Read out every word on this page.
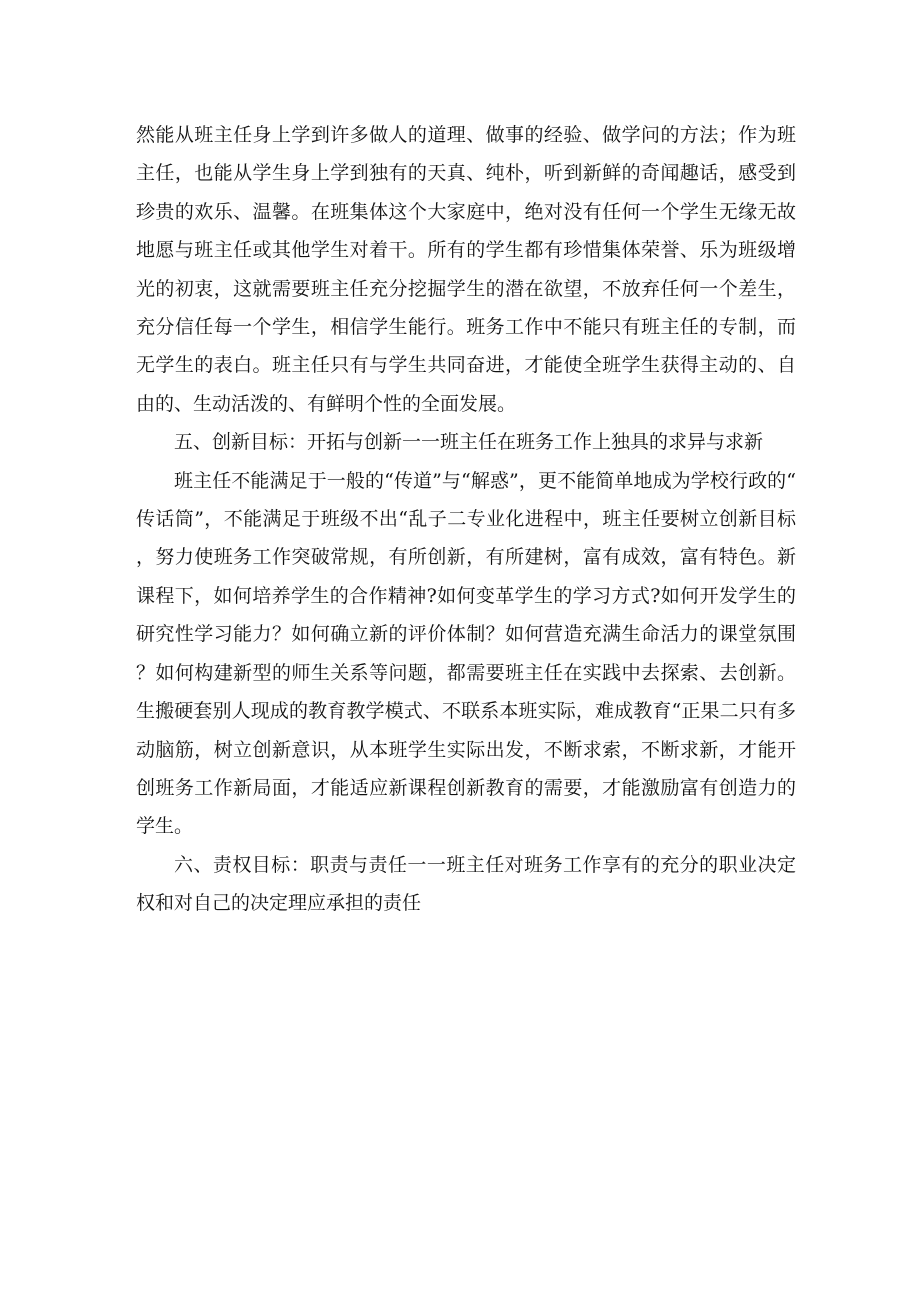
然能从班主任身上学到许多做人的道理、做事的经验、做学问的方法；作为班主任，也能从学生身上学到独有的天真、纯朴，听到新鲜的奇闻趣话，感受到珍贵的欢乐、温馨。在班集体这个大家庭中，绝对没有任何一个学生无缘无故地愿与班主任或其他学生对着干。所有的学生都有珍惜集体荣誉、乐为班级增光的初衷，这就需要班主任充分挖掘学生的潜在欲望，不放弃任何一个差生，充分信任每一个学生，相信学生能行。班务工作中不能只有班主任的专制，而无学生的表白。班主任只有与学生共同奋进，才能使全班学生获得主动的、自由的、生动活泼的、有鲜明个性的全面发展。

五、创新目标：开拓与创新一一班主任在班务工作上独具的求异与求新

班主任不能满足于一般的“传道”与“解惑”，更不能简单地成为学校行政的“传话筒”，不能满足于班级不出“乱子二专业化进程中，班主任要树立创新目标，努力使班务工作突破常规，有所创新，有所建树，富有成效，富有特色。新课程下，如何培养学生的合作精神?如何变革学生的学习方式?如何开发学生的研究性学习能力？如何确立新的评价体制？如何营造充满生命活力的课堂氛围？如何构建新型的师生关系等问题，都需要班主任在实践中去探索、去创新。生搬硬套别人现成的教育教学模式、不联系本班实际，难成教育“正果二只有多动脑筋，树立创新意识，从本班学生实际出发，不断求索，不断求新，才能开创班务工作新局面，才能适应新课程创新教育的需要，才能激励富有创造力的学生。

六、责权目标：职责与责任一一班主任对班务工作享有的充分的职业决定权和对自己的决定理应承担的责任
